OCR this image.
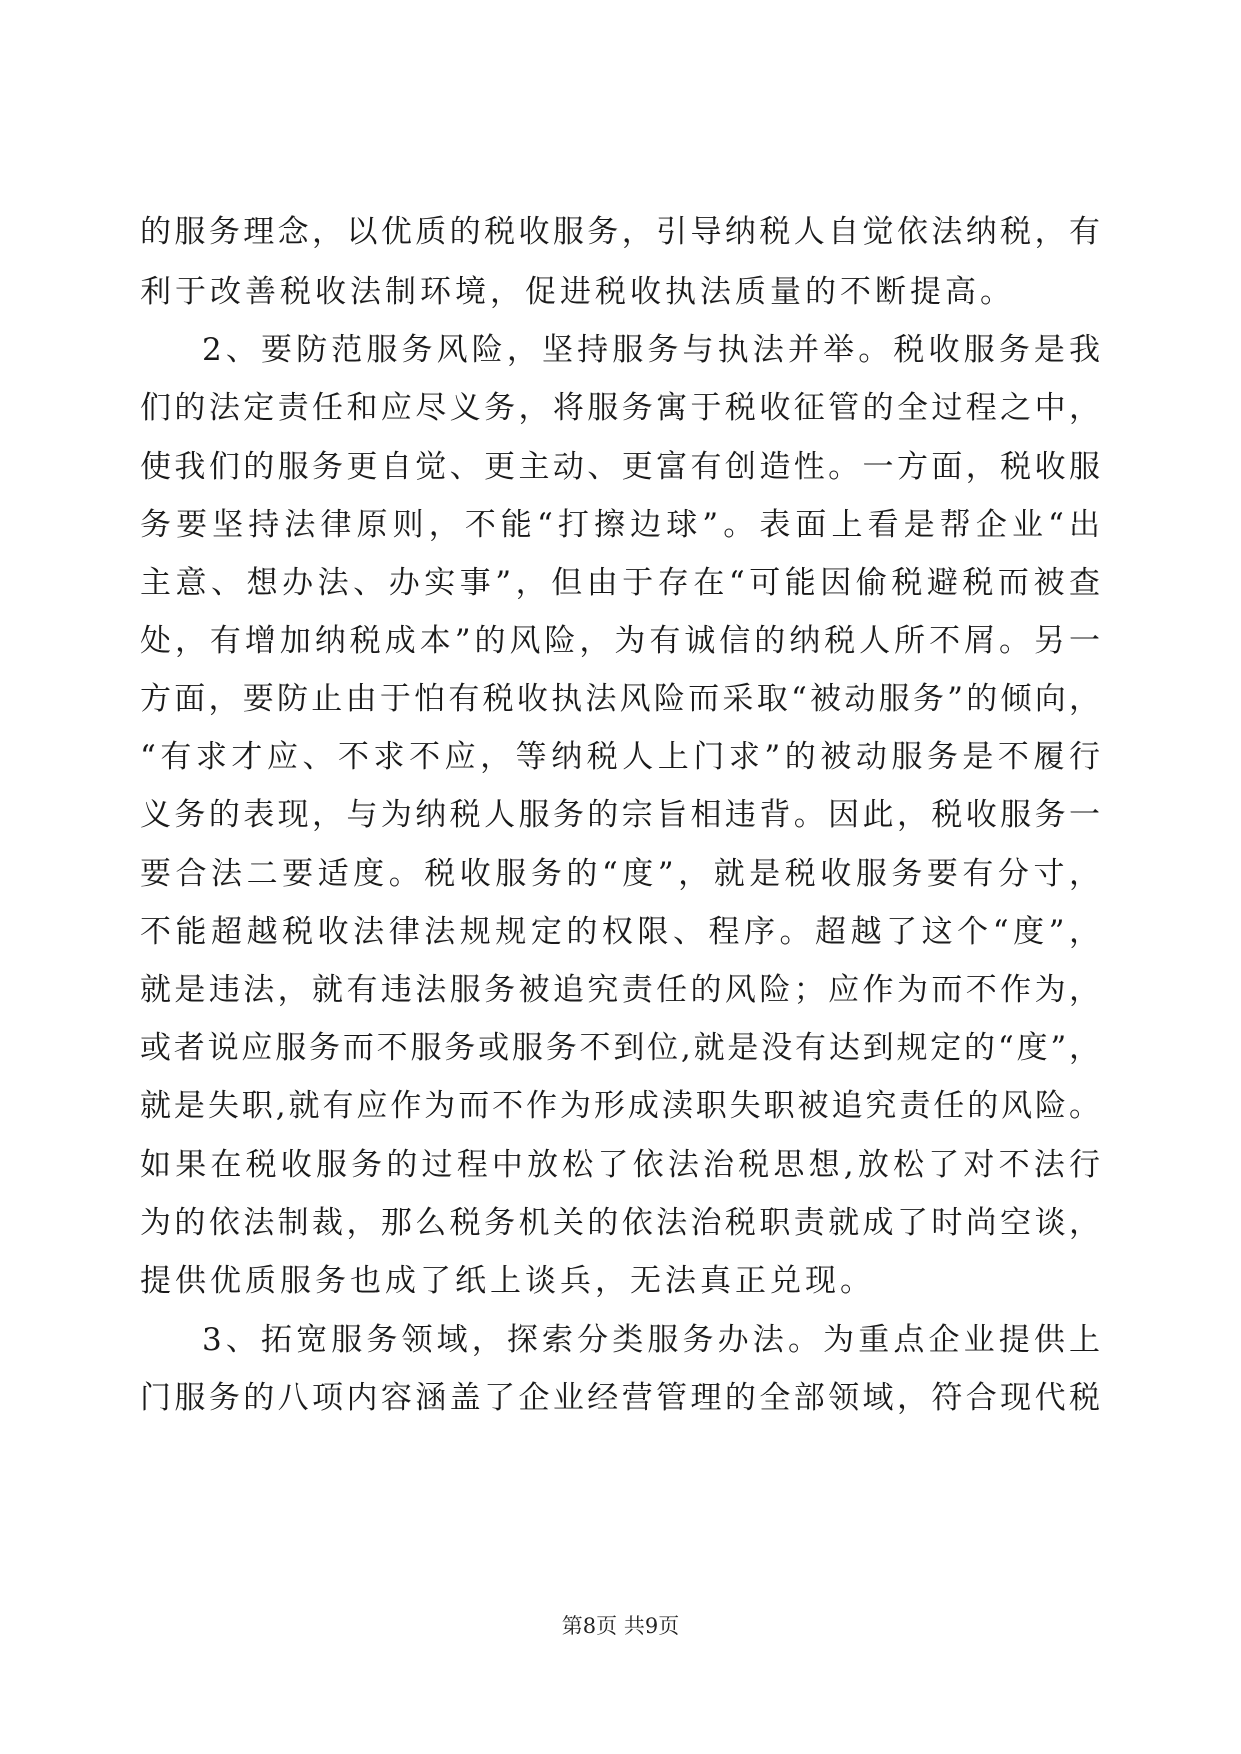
的服务理念，以优质的税收服务，引导纳税人自觉依法纳税，有
利于改善税收法制环境，促进税收执法质量的不断提高。
2、要防范服务风险，坚持服务与执法并举。税收服务是我
们的法定责任和应尽义务，将服务寓于税收征管的全过程之中，
使我们的服务更自觉、更主动、更富有创造性。一方面，税收服
务要坚持法律原则，不能“打擦边球”。表面上看是帮企业“出
主意、想办法、办实事”，但由于存在“可能因偷税避税而被查
处，有增加纳税成本”的风险，为有诚信的纳税人所不屑。另一
方面，要防止由于怕有税收执法风险而采取“被动服务”的倾向，
“有求才应、不求不应，等纳税人上门求”的被动服务是不履行
义务的表现，与为纳税人服务的宗旨相违背。因此，税收服务一
要合法二要适度。税收服务的“度”，就是税收服务要有分寸，
不能超越税收法律法规规定的权限、程序。超越了这个“度”，
就是违法，就有违法服务被追究责任的风险；应作为而不作为，
或者说应服务而不服务或服务不到位,就是没有达到规定的“度”，
就是失职,就有应作为而不作为形成渎职失职被追究责任的风险。
如果在税收服务的过程中放松了依法治税思想,放松了对不法行
为的依法制裁，那么税务机关的依法治税职责就成了时尚空谈，
提供优质服务也成了纸上谈兵，无法真正兑现。
3、拓宽服务领域，探索分类服务办法。为重点企业提供上
门服务的八项内容涵盖了企业经营管理的全部领域，符合现代税
第8页 共9页
